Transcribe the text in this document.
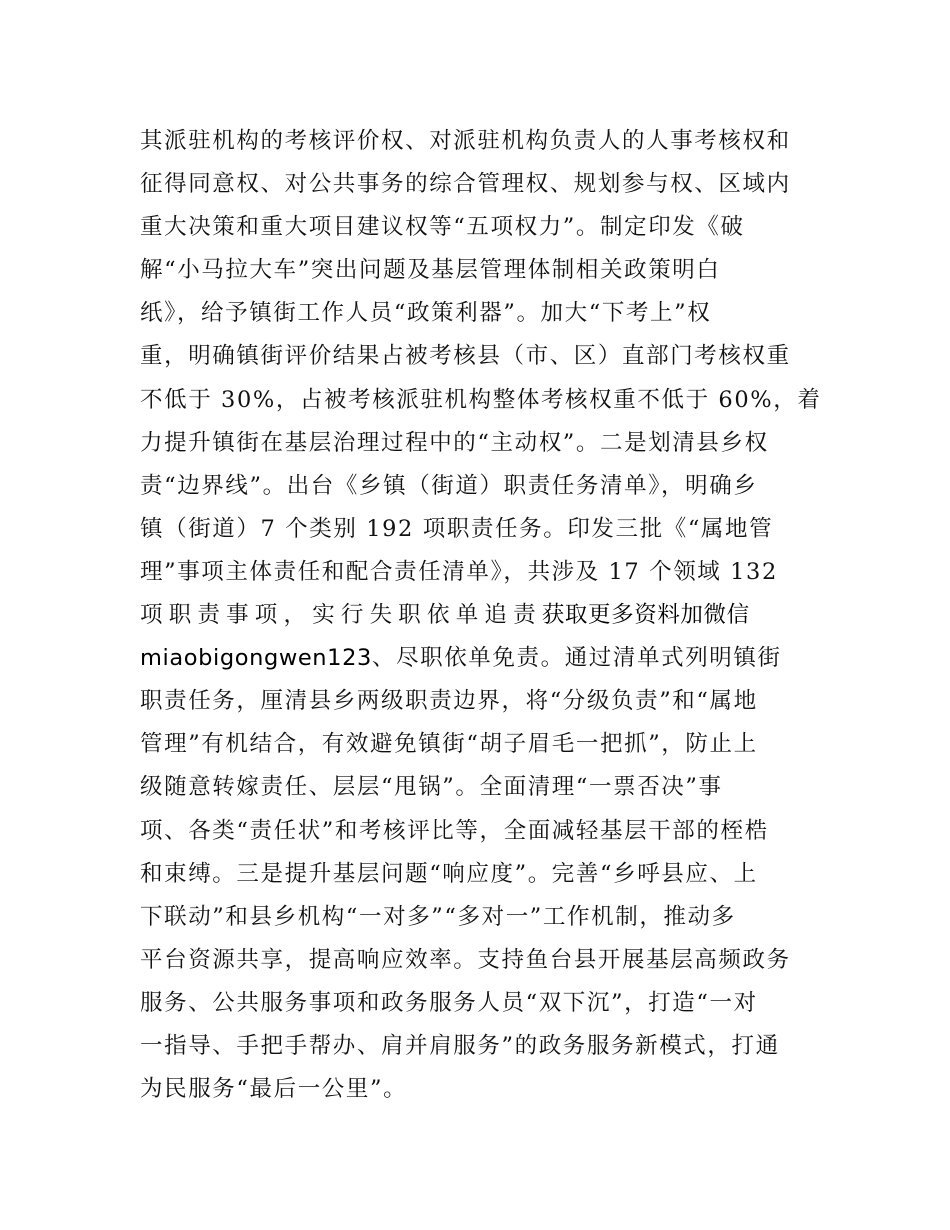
其派驻机构的考核评价权、对派驻机构负责人的人事考核权和
征得同意权、对公共事务的综合管理权、规划参与权、区域内
重大决策和重大项目建议权等“五项权力”。制定印发《破
解“小马拉大车”突出问题及基层管理体制相关政策明白
纸》，给予镇街工作人员“政策利器”。加大“下考上”权
重，明确镇街评价结果占被考核县（市、区）直部门考核权重
不低于 30%，占被考核派驻机构整体考核权重不低于 60%，着
力提升镇街在基层治理过程中的“主动权”。二是划清县乡权
责“边界线”。出台《乡镇（街道）职责任务清单》，明确乡
镇（街道）7 个类别 192 项职责任务。印发三批《“属地管
理”事项主体责任和配合责任清单》，共涉及 17 个领域 132
项职责事项，实行失职依单追责获取更多资料加微信
miaobigongwen123、尽职依单免责。通过清单式列明镇街
职责任务，厘清县乡两级职责边界，将“分级负责”和“属地
管理”有机结合，有效避免镇街“胡子眉毛一把抓”，防止上
级随意转嫁责任、层层“甩锅”。全面清理“一票否决”事
项、各类“责任状”和考核评比等，全面减轻基层干部的桎梏
和束缚。三是提升基层问题“响应度”。完善“乡呼县应、上
下联动”和县乡机构“一对多”“多对一”工作机制，推动多
平台资源共享，提高响应效率。支持鱼台县开展基层高频政务
服务、公共服务事项和政务服务人员“双下沉”，打造“一对
一指导、手把手帮办、肩并肩服务”的政务服务新模式，打通
为民服务“最后一公里”。
